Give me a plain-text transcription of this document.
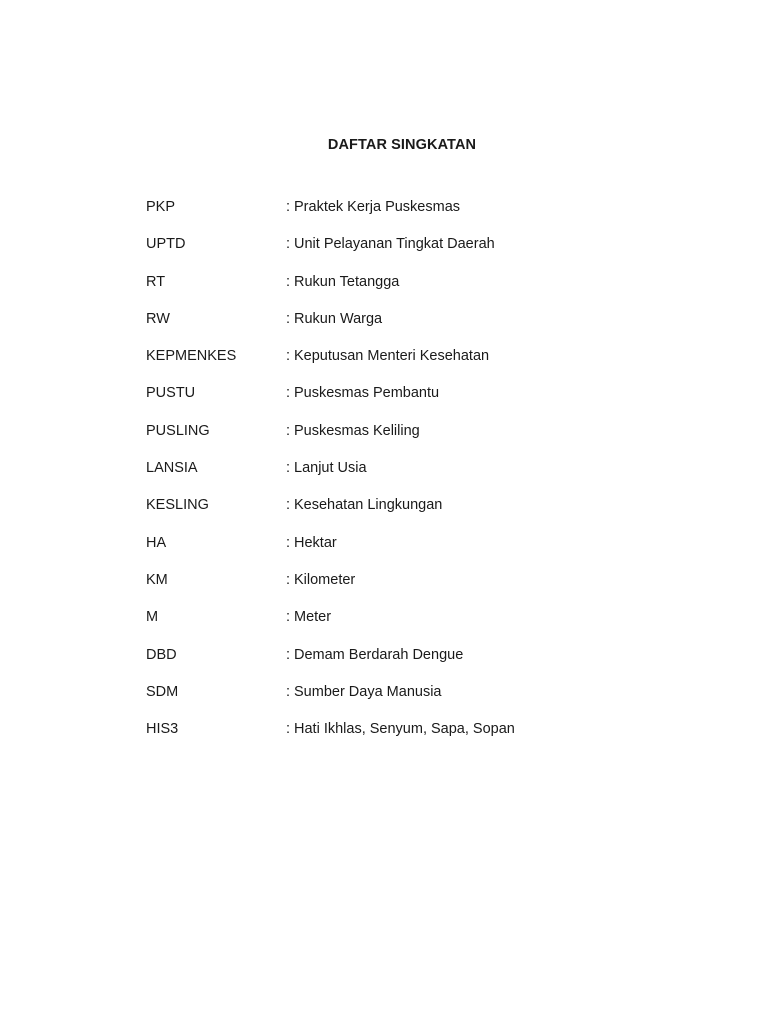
DAFTAR SINGKATAN
PKP	: Praktek Kerja Puskesmas
UPTD	: Unit Pelayanan Tingkat Daerah
RT	: Rukun Tetangga
RW	: Rukun Warga
KEPMENKES	: Keputusan Menteri Kesehatan
PUSTU	: Puskesmas Pembantu
PUSLING	: Puskesmas Keliling
LANSIA	: Lanjut Usia
KESLING	: Kesehatan Lingkungan
HA	: Hektar
KM	: Kilometer
M	: Meter
DBD	: Demam Berdarah Dengue
SDM	: Sumber Daya Manusia
HIS3	: Hati Ikhlas, Senyum, Sapa, Sopan
